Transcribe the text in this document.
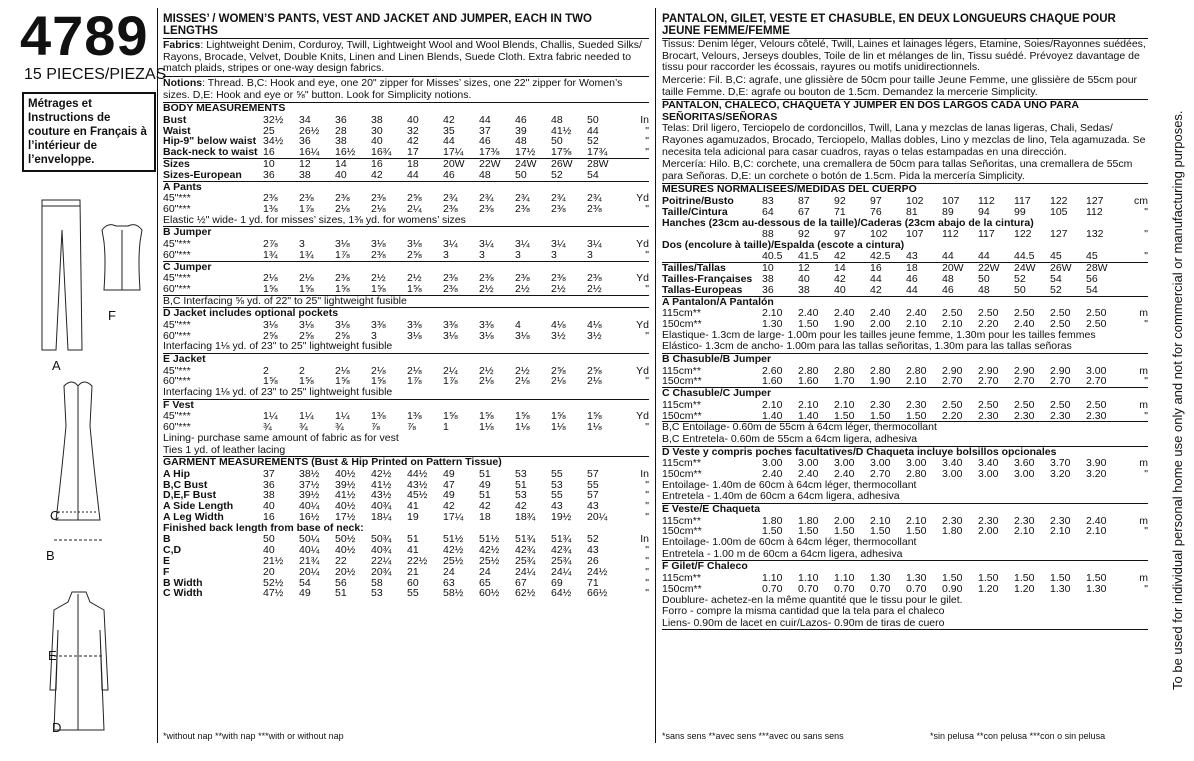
4789
15 PIECES/PIEZAS
Métrages et Instructions de couture en Français à l’intérieur de l’enveloppe.
A
F
C
B
E
D
MISSES’ / WOMEN’S PANTS, VEST AND JACKET AND JUMPER, EACH IN TWO LENGTHS
Fabrics: Lightweight Denim, Corduroy, Twill, Lightweight Wool and Wool Blends, Challis, Sueded Silks/ Rayons, Brocade, Velvet, Double Knits, Linen and Linen Blends, Suede Cloth. Extra fabric needed to match plaids, stripes or one-way design fabrics.
Notions: Thread. B,C: Hook and eye, one 20" zipper for Misses’ sizes, one 22" zipper for Women’s sizes. D,E: Hook and eye or ⅝" button. Look for Simplicity notions.
BODY MEASUREMENTS
Bust	32½	34	36	38	40	42	44	46	48	50	In
Waist	25	26½	28	30	32	35	37	39	41½	44	"
Hip-9" below waist	34½	36	38	40	42	44	46	48	50	52	"
Back-neck to waist	16	16¼	16½	16¾	17	17¼	17⅜	17½	17⅝	17¾	"
Sizes	10	12	14	16	18	20W	22W	24W	26W	28W	
Sizes-European	36	38	40	42	44	46	48	50	52	54	
A Pants
45"***	2⅜	2⅜	2⅜	2⅜	2⅝	2¾	2¾	2¾	2¾	2¾	Yd
60"***	1⅜	1⅞	2⅛	2⅛	2¼	2⅜	2⅜	2⅜	2⅜	2⅜	"
Elastic ½" wide- 1 yd. for misses’ sizes, 1⅜ yd. for womens’ sizes
B Jumper
45"***	2⅞	3	3⅛	3⅛	3⅛	3¼	3¼	3¼	3¼	3¼	Yd
60"***	1¾	1¾	1⅞	2⅜	2⅝	3	3	3	3	3	"
C Jumper
45"***	2⅛	2⅛	2⅜	2½	2½	2⅜	2⅜	2⅜	2⅜	2⅜	Yd
60"***	1⅝	1⅝	1⅝	1⅝	1⅝	2⅜	2½	2½	2½	2½	"
B,C Interfacing ⅝ yd. of 22" to 25" lightweight fusible
D Jacket includes optional pockets
45"***	3⅛	3⅛	3⅛	3⅜	3⅜	3⅜	3⅜	4	4⅛	4⅛	Yd
60"***	2⅝	2⅝	2⅝	3	3⅛	3⅛	3⅛	3⅛	3½	3½	"
Interfacing 1⅛ yd. of 23" to 25" lightweight fusible
E Jacket
45"***	2	2	2⅛	2⅛	2⅛	2¼	2½	2½	2⅝	2⅝	Yd
60"***	1⅝	1⅝	1⅝	1⅝	1⅞	1⅞	2⅛	2⅛	2⅛	2⅛	"
Interfacing 1⅛ yd. of 23" to 25" lightweight fusible
F Vest
45"***	1¼	1¼	1¼	1⅜	1⅜	1⅝	1⅝	1⅝	1⅝	1⅝	Yd
60"***	¾	¾	¾	⅞	⅞	1	1⅛	1⅛	1⅛	1⅛	"
Lining- purchase same amount of fabric as for vest
Ties 1 yd. of leather lacing
GARMENT MEASUREMENTS (Bust & Hip Printed on Pattern Tissue)
A Hip	37	38½	40½	42½	44½	49	51	53	55	57	In
B,C Bust	36	37½	39½	41½	43½	47	49	51	53	55	"
D,E,F Bust	38	39½	41½	43½	45½	49	51	53	55	57	"
A Side Length	40	40¼	40½	40¾	41	42	42	42	43	43	"
A Leg Width	16	16½	17½	18¼	19	17¼	18	18¾	19½	20¼	"
Finished back length from base of neck:
B	50	50¼	50½	50¾	51	51½	51½	51¾	51¾	52	In
C,D	40	40¼	40½	40¾	41	42½	42½	42¾	42¾	43	"
E	21½	21¾	22	22¼	22½	25½	25½	25¾	25¾	26	"
F	20	20¼	20½	20¾	21	24	24	24¼	24¼	24½	"
B Width	52½	54	56	58	60	63	65	67	69	71	"
C Width	47½	49	51	53	55	58½	60½	62½	64½	66½	"
*without nap **with nap ***with or without nap
PANTALON, GILET, VESTE ET CHASUBLE, EN DEUX LONGUEURS CHAQUE POUR JEUNE FEMME/FEMME
Tissus: Denim léger, Velours côtelé, Twill, Laines et lainages légers, Etamine, Soies/Rayonnes suédées, Brocart, Velours, Jerseys doubles, Toile de lin et mélanges de lin, Tissu suédé. Prévoyez davantage de tissu pour raccorder les écossais, rayures ou motifs unidirectionnels.
Mercerie: Fil. B,C: agrafe, une glissière de 50cm pour taille Jeune Femme, une glissière de 55cm pour taille Femme. D,E: agrafe ou bouton de 1.5cm. Demandez la mercerie Simplicity.
PANTALON, CHALECO, CHAQUETA Y JUMPER EN DOS LARGOS CADA UNO PARA SEÑORITAS/SEÑORAS
Telas: Dril ligero, Terciopelo de cordoncillos, Twill, Lana y mezclas de lanas ligeras, Chali, Sedas/ Rayones agamuzados, Brocado, Terciopelo, Mallas dobles, Lino y mezclas de lino, Tela agamuzada. Se necesita tela adicional para casar cuadros, rayas o telas estampadas en una dirección.
Mercería: Hilo. B,C: corchete, una cremallera de 50cm para tallas Señoritas, una cremallera de 55cm para Señoras. D,E: un corchete o botón de 1.5cm. Pida la mercería Simplicity.
MESURES NORMALISEES/MEDIDAS DEL CUERPO
Poitrine/Busto	83	87	92	97	102	107	112	117	122	127	cm
Taille/Cintura	64	67	71	76	81	89	94	99	105	112	"
Hanches (23cm au-dessous de la taille)/Caderas (23cm abajo de la cintura)
	88	92	97	102	107	112	117	122	127	132	"
Dos (encolure à taille)/Espalda (escote a cintura)
	40.5	41.5	42	42.5	43	44	44	44.5	45	45	"
Tailles/Tallas	10	12	14	16	18	20W	22W	24W	26W	28W	
Tailles-Françaises	38	40	42	44	46	48	50	52	54	56	
Tallas-Europeas	36	38	40	42	44	46	48	50	52	54	
A Pantalon/A Pantalón
115cm**	2.10	2.40	2.40	2.40	2.40	2.50	2.50	2.50	2.50	2.50	m
150cm**	1.30	1.50	1.90	2.00	2.10	2.10	2.20	2.40	2.50	2.50	"
Elastique- 1.3cm de large- 1.00m pour les tailles jeune femme, 1.30m pour les tailles femmes
Elástico- 1.3cm de ancho- 1.00m para las tallas señoritas, 1.30m para las tallas señoras
B Chasuble/B Jumper
115cm**	2.60	2.80	2.80	2.80	2.80	2.90	2.90	2.90	2.90	3.00	m
150cm**	1.60	1.60	1.70	1.90	2.10	2.70	2.70	2.70	2.70	2.70	"
C Chasuble/C Jumper
115cm**	2.10	2.10	2.10	2.30	2.30	2.50	2.50	2.50	2.50	2.50	m
150cm**	1.40	1.40	1.50	1.50	1.50	2.20	2.30	2.30	2.30	2.30	"
B,C Entoilage- 0.60m de 55cm à 64cm léger, thermocollant
B,C Entretela- 0.60m de 55cm a 64cm ligera, adhesiva
D Veste y compris poches facultatives/D Chaqueta incluye bolsillos opcionales
115cm**	3.00	3.00	3.00	3.00	3.00	3.40	3.40	3.60	3.70	3.90	m
150cm**	2.40	2.40	2.40	2.70	2.80	3.00	3.00	3.00	3.20	3.20	"
Entoilage- 1.40m de 60cm à 64cm léger, thermocollant
Entretela - 1.40m de 60cm a 64cm ligera, adhesiva
E Veste/E Chaqueta
115cm**	1.80	1.80	2.00	2.10	2.10	2.30	2.30	2.30	2.30	2.40	m
150cm**	1.50	1.50	1.50	1.50	1.50	1.80	2.00	2.10	2.10	2.10	"
Entoilage- 1.00m de 60cm à 64cm léger, thermocollant
Entretela - 1.00 m de 60cm a 64cm ligera, adhesiva
F Gilet/F Chaleco
115cm**	1.10	1.10	1.10	1.30	1.30	1.50	1.50	1.50	1.50	1.50	m
150cm**	0.70	0.70	0.70	0.70	0.70	0.90	1.20	1.20	1.30	1.30	"
Doublure- achetez-en la même quantité que le tissu pour le gilet.
Forro - compre la misma cantidad que la tela para el chaleco
Liens- 0.90m de lacet en cuir/Lazos- 0.90m de tiras de cuero
*sans sens **avec sens ***avec ou sans sens	*sin pelusa **con pelusa ***con o sin pelusa
To be used for individual personal home use only and not for commercial or manufacturing purposes.
